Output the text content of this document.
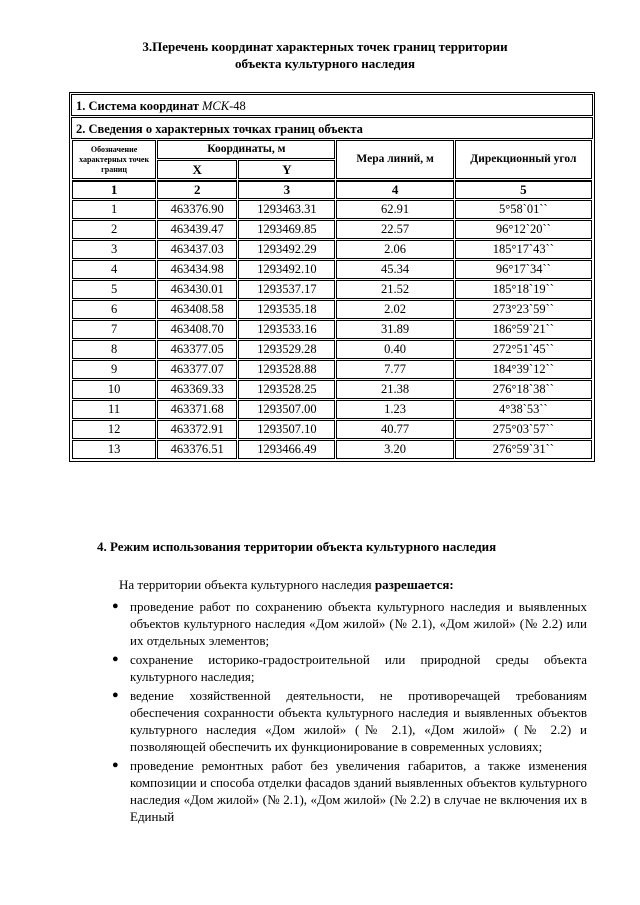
3.Перечень координат характерных точек границ территории
объекта культурного наследия
1. Система координат МСК-48
2. Сведения о характерных точках границ объекта
Обозначение характерных точек границ	Координаты, м		Мера линий, м	Дирекционный угол
	X	Y		
1	2	3	4	5
1	463376.90	1293463.31	62.91	5°58`01``
2	463439.47	1293469.85	22.57	96°12`20``
3	463437.03	1293492.29	2.06	185°17`43``
4	463434.98	1293492.10	45.34	96°17`34``
5	463430.01	1293537.17	21.52	185°18`19``
6	463408.58	1293535.18	2.02	273°23`59``
7	463408.70	1293533.16	31.89	186°59`21``
8	463377.05	1293529.28	0.40	272°51`45``
9	463377.07	1293528.88	7.77	184°39`12``
10	463369.33	1293528.25	21.38	276°18`38``
11	463371.68	1293507.00	1.23	4°38`53``
12	463372.91	1293507.10	40.77	275°03`57``
13	463376.51	1293466.49	3.20	276°59`31``
4. Режим использования территории объекта культурного наследия
На территории объекта культурного наследия разрешается:
● проведение работ по сохранению объекта культурного наследия и выявленных объектов культурного наследия «Дом жилой» (№ 2.1), «Дом жилой» (№ 2.2) или их отдельных элементов;
● сохранение историко-градостроительной или природной среды объекта культурного наследия;
● ведение хозяйственной деятельности, не противоречащей требованиям обеспечения сохранности объекта культурного наследия и выявленных объектов культурного наследия «Дом жилой» (№ 2.1), «Дом жилой» (№ 2.2) и позволяющей обеспечить их функционирование в современных условиях;
● проведение ремонтных работ без увеличения габаритов, а также изменения композиции и способа отделки фасадов зданий выявленных объектов культурного наследия «Дом жилой» (№ 2.1), «Дом жилой» (№ 2.2) в случае не включения их в Единый
